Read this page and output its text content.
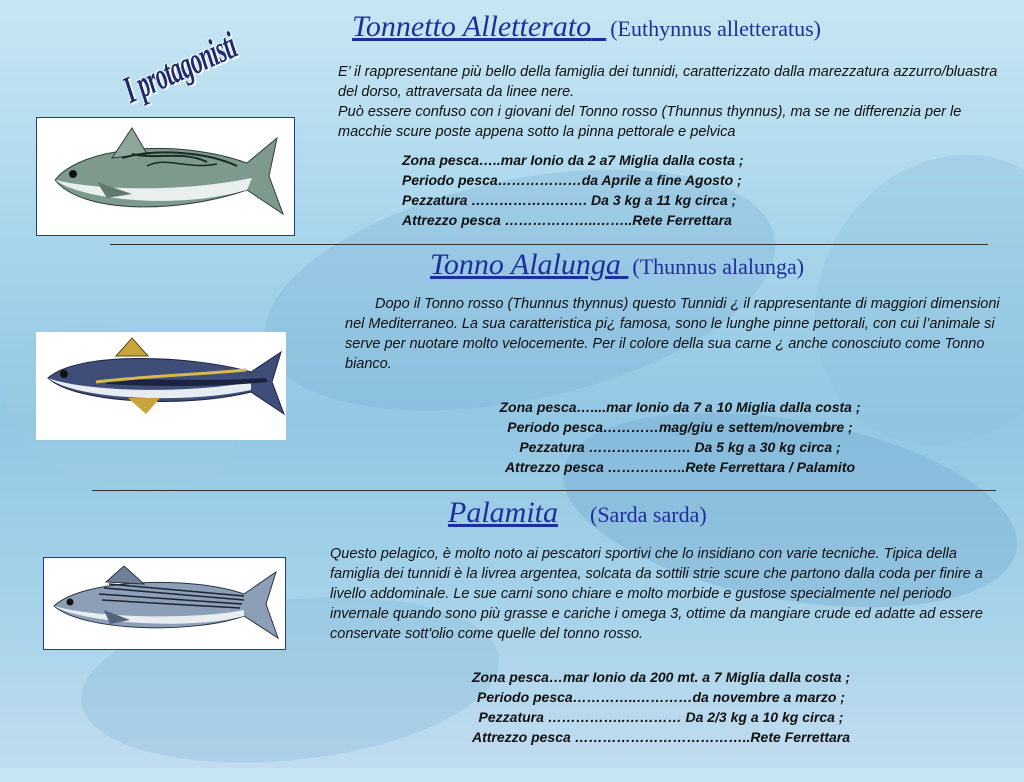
I protagonisti	Tonnetto Alletterato (Euthynnus alletteratus)
E’ il rappresentane più bello della famiglia dei tunnidi, caratterizzato dalla marezzatura azzurro/bluastra del dorso, attraversata da linee nere.
Può essere confuso con i giovani del Tonno rosso (Thunnus thynnus), ma se ne differenzia per le macchie scure poste appena sotto la pinna pettorale e pelvica
Zona pesca…..mar Ionio da 2 a7 Miglia dalla costa ;
Periodo pesca………………da Aprile a fine Agosto ;
Pezzatura ……………………. Da 3 kg a 11 kg circa ;
Attrezzo pesca ………………..……..Rete Ferrettara
Tonno Alalunga (Thunnus alalunga)
Dopo il Tonno rosso (Thunnus thynnus) questo Tunnidi ¿ il rappresentante di maggiori dimensioni nel Mediterraneo. La sua caratteristica pi¿ famosa, sono le lunghe pinne pettorali, con cui l’animale si serve per nuotare molto velocemente. Per il colore della sua carne ¿ anche conosciuto come Tonno bianco.
Zona pesca…....mar Ionio da 7 a 10 Miglia dalla costa ;
Periodo pesca…………mag/giu e settem/novembre ;
Pezzatura …………………. Da 5 kg a 30 kg circa ;
Attrezzo pesca ……………..Rete Ferrettara / Palamito
Palamita (Sarda sarda)
Questo pelagico, è molto noto ai pescatori sportivi che lo insidiano con varie tecniche. Tipica della famiglia dei tunnidi è la livrea argentea, solcata da sottili strie scure che partono dalla coda per finire a livello addominale. Le sue carni sono chiare e molto morbide e gustose specialmente nel periodo invernale quando sono più grasse e cariche i omega 3, ottime da mangiare crude ed adatte ad essere conservate sott'olio come quelle del tonno rosso.
Zona pesca…mar Ionio da 200 mt. a 7 Miglia dalla costa ;
Periodo pesca…………..…………da novembre a marzo ;
Pezzatura ……………..………… Da 2/3 kg a 10 kg circa ;
Attrezzo pesca ………………………………..Rete Ferrettara
